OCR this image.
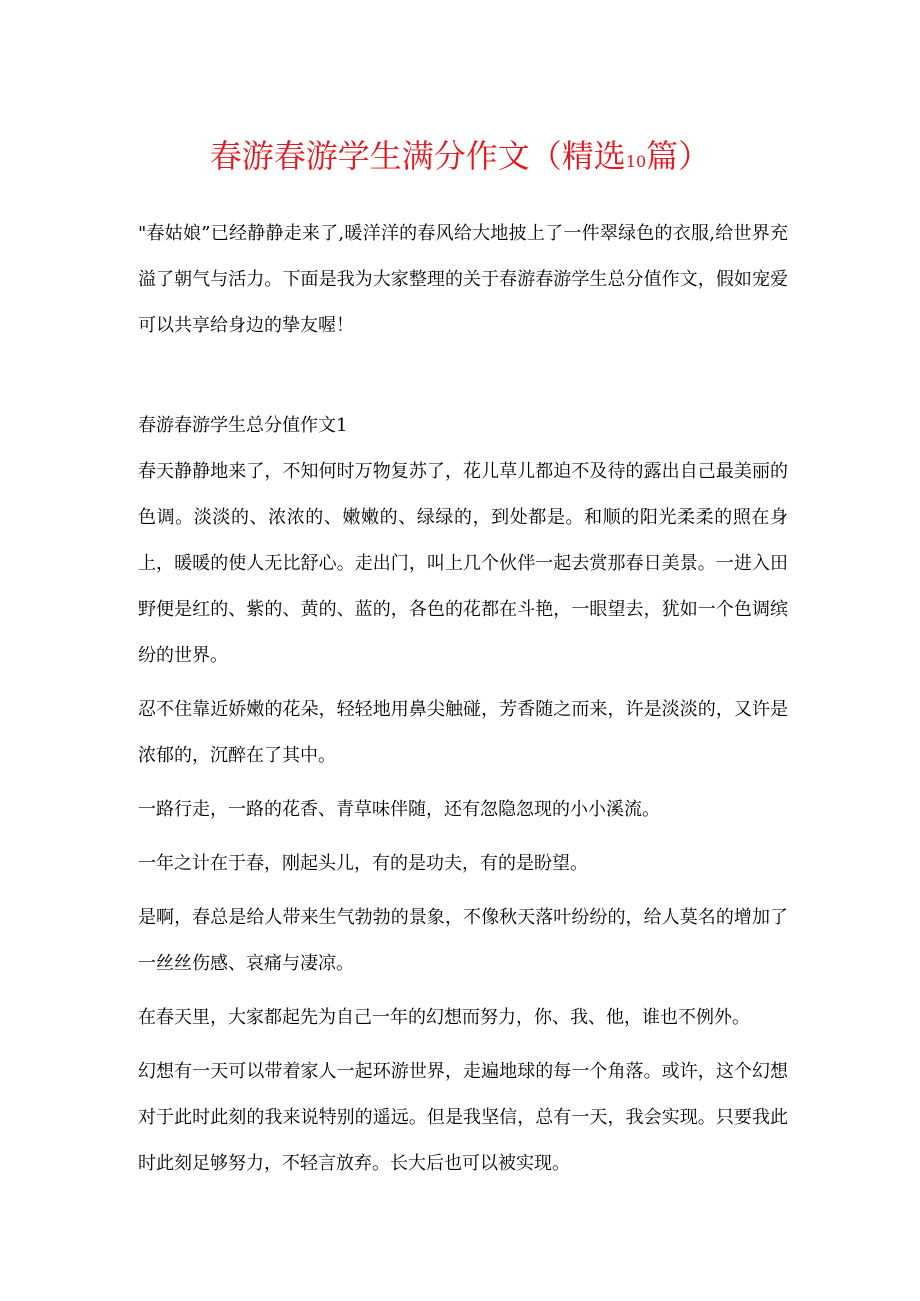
春游春游学生满分作文（精选10篇）

"春姑娘”已经静静走来了,暖洋洋的春风给大地披上了一件翠绿色的衣服,给世界充溢了朝气与活力。下面是我为大家整理的关于春游春游学生总分值作文，假如宠爱可以共享给身边的挚友喔！

春游春游学生总分值作文1

春天静静地来了，不知何时万物复苏了，花儿草儿都迫不及待的露出自己最美丽的色调。淡淡的、浓浓的、嫩嫩的、绿绿的，到处都是。和顺的阳光柔柔的照在身上，暖暖的使人无比舒心。走出门，叫上几个伙伴一起去赏那春日美景。一进入田野便是红的、紫的、黄的、蓝的，各色的花都在斗艳，一眼望去，犹如一个色调缤纷的世界。

忍不住靠近娇嫩的花朵，轻轻地用鼻尖触碰，芳香随之而来，许是淡淡的，又许是浓郁的，沉醉在了其中。

一路行走，一路的花香、青草味伴随，还有忽隐忽现的小小溪流。

一年之计在于春，刚起头儿，有的是功夫，有的是盼望。

是啊，春总是给人带来生气勃勃的景象，不像秋天落叶纷纷的，给人莫名的增加了一丝丝伤感、哀痛与凄凉。

在春天里，大家都起先为自己一年的幻想而努力，你、我、他，谁也不例外。

幻想有一天可以带着家人一起环游世界，走遍地球的每一个角落。或许，这个幻想对于此时此刻的我来说特别的遥远。但是我坚信，总有一天，我会实现。只要我此时此刻足够努力，不轻言放弃。长大后也可以被实现。
